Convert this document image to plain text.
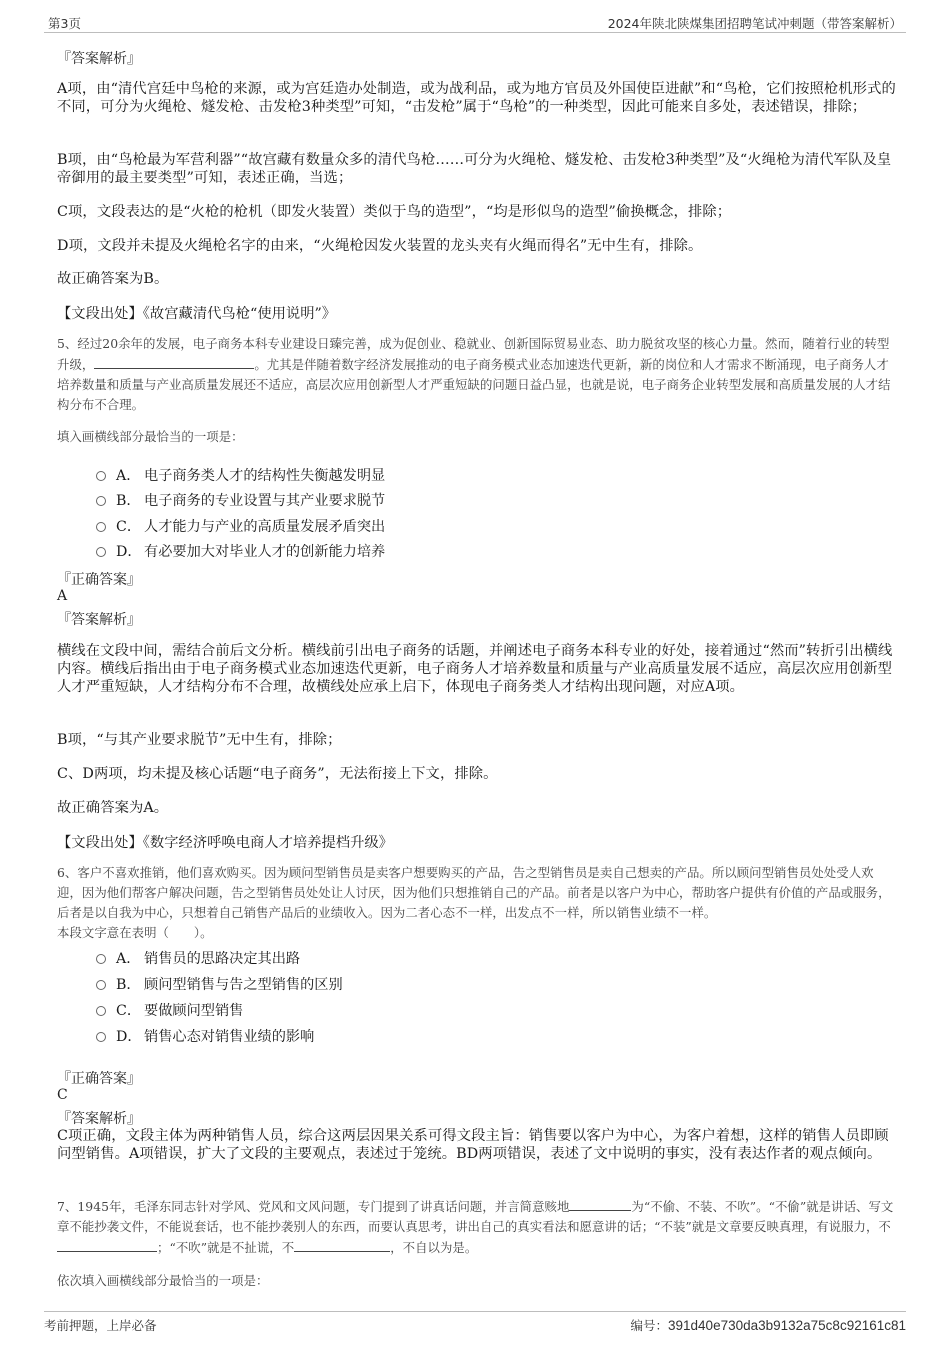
第3页	2024年陕北陕煤集团招聘笔试冲刺题（带答案解析）
『答案解析』
A项，由“清代宫廷中鸟枪的来源，或为宫廷造办处制造，或为战利品，或为地方官员及外国使臣进献”和“鸟枪，它们按照枪机形式的不同，可分为火绳枪、燧发枪、击发枪3种类型”可知，“击发枪”属于“鸟枪”的一种类型，因此可能来自多处，表述错误，排除；
B项，由“鸟枪最为军营利器”“故宫藏有数量众多的清代鸟枪……可分为火绳枪、燧发枪、击发枪3种类型”及“火绳枪为清代军队及皇帝御用的最主要类型”可知，表述正确，当选；
C项，文段表达的是“火枪的枪机（即发火装置）类似于鸟的造型”，“均是形似鸟的造型”偷换概念，排除；
D项，文段并未提及火绳枪名字的由来，“火绳枪因发火装置的龙头夹有火绳而得名”无中生有，排除。
故正确答案为B。
【文段出处】《故宫藏清代鸟枪“使用说明”》
5、经过20余年的发展，电子商务本科专业建设日臻完善，成为促创业、稳就业、创新国际贸易业态、助力脱贫攻坚的核心力量。然而，随着行业的转型升级，	。尤其是伴随着数字经济发展推动的电子商务模式业态加速迭代更新，新的岗位和人才需求不断涌现，电子商务人才培养数量和质量与产业高质量发展还不适应，高层次应用创新型人才严重短缺的问题日益凸显，也就是说，电子商务企业转型发展和高质量发展的人才结构分布不合理。
填入画横线部分最恰当的一项是：
A． 电子商务类人才的结构性失衡越发明显
B． 电子商务的专业设置与其产业要求脱节
C． 人才能力与产业的高质量发展矛盾突出
D． 有必要加大对毕业人才的创新能力培养
『正确答案』
A
『答案解析』
横线在文段中间，需结合前后文分析。横线前引出电子商务的话题，并阐述电子商务本科专业的好处，接着通过“然而”转折引出横线内容。横线后指出由于电子商务模式业态加速迭代更新，电子商务人才培养数量和质量与产业高质量发展不适应，高层次应用创新型人才严重短缺，人才结构分布不合理，故横线处应承上启下，体现电子商务类人才结构出现问题，对应A项。
B项，“与其产业要求脱节”无中生有，排除；
C、D两项，均未提及核心话题“电子商务”，无法衔接上下文，排除。
故正确答案为A。
【文段出处】《数字经济呼唤电商人才培养提档升级》
6、客户不喜欢推销，他们喜欢购买。因为顾问型销售员是卖客户想要购买的产品，告之型销售员是卖自己想卖的产品。所以顾问型销售员处处受人欢迎，因为他们帮客户解决问题，告之型销售员处处让人讨厌，因为他们只想推销自己的产品。前者是以客户为中心，帮助客户提供有价值的产品或服务，后者是以自我为中心，只想着自己销售产品后的业绩收入。因为二者心态不一样，出发点不一样，所以销售业绩不一样。
本段文字意在表明（　　）。
A． 销售员的思路决定其出路
B． 顾问型销售与告之型销售的区别
C． 要做顾问型销售
D． 销售心态对销售业绩的影响
『正确答案』
C
『答案解析』
C项正确，文段主体为两种销售人员，综合这两层因果关系可得文段主旨：销售要以客户为中心，为客户着想，这样的销售人员即顾问型销售。A项错误，扩大了文段的主要观点，表述过于笼统。BD两项错误，表述了文中说明的事实，没有表达作者的观点倾向。
7、1945年，毛泽东同志针对学风、党风和文风问题，专门提到了讲真话问题，并言简意赅地	为“不偷、不装、不吹”。“不偷”就是讲话、写文章不能抄袭文件，不能说套话，也不能抄袭别人的东西，而要认真思考，讲出自己的真实看法和愿意讲的话；“不装”就是文章要反映真理，有说服力，不；“不吹”就是不扯谎，不	，不自以为是。
依次填入画横线部分最恰当的一项是：
考前押题，上岸必备	编号：391d40e730da3b9132a75c8c92161c81
